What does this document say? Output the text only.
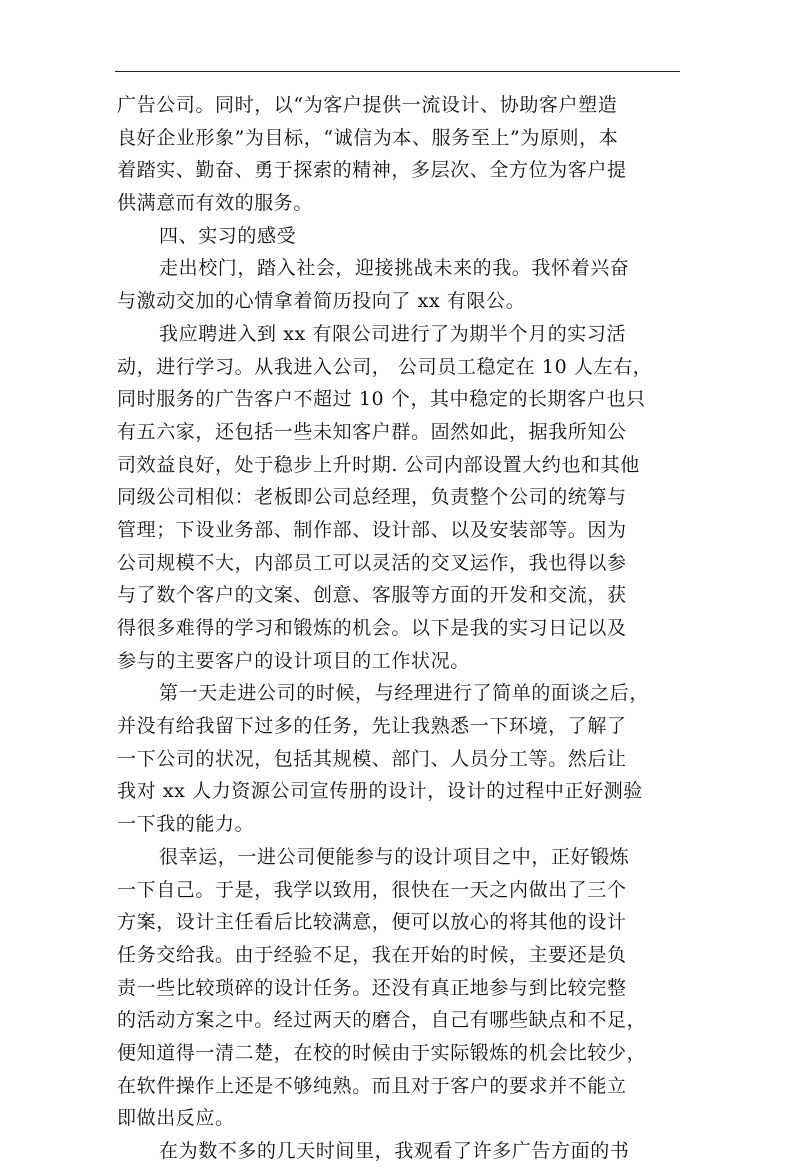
广告公司。同时，以“为客户提供一流设计、协助客户塑造
良好企业形象”为目标，“诚信为本、服务至上”为原则，本
着踏实、勤奋、勇于探索的精神，多层次、全方位为客户提
供满意而有效的服务。
四、实习的感受
走出校门，踏入社会，迎接挑战未来的我。我怀着兴奋
与激动交加的心情拿着简历投向了 xx 有限公。
我应聘进入到 xx 有限公司进行了为期半个月的实习活
动，进行学习。从我进入公司， 公司员工稳定在 10 人左右，
同时服务的广告客户不超过 10 个，其中稳定的长期客户也只
有五六家，还包括一些未知客户群。固然如此，据我所知公
司效益良好，处于稳步上升时期. 公司内部设置大约也和其他
同级公司相似：老板即公司总经理，负责整个公司的统筹与
管理；下设业务部、制作部、设计部、以及安装部等。因为
公司规模不大，内部员工可以灵活的交叉运作，我也得以参
与了数个客户的文案、创意、客服等方面的开发和交流，获
得很多难得的学习和锻炼的机会。以下是我的实习日记以及
参与的主要客户的设计项目的工作状况。
第一天走进公司的时候，与经理进行了简单的面谈之后，
并没有给我留下过多的任务，先让我熟悉一下环境，了解了
一下公司的状况，包括其规模、部门、人员分工等。然后让
我对 xx 人力资源公司宣传册的设计，设计的过程中正好测验
一下我的能力。
很幸运，一进公司便能参与的设计项目之中，正好锻炼
一下自己。于是，我学以致用，很快在一天之内做出了三个
方案，设计主任看后比较满意，便可以放心的将其他的设计
任务交给我。由于经验不足，我在开始的时候，主要还是负
责一些比较琐碎的设计任务。还没有真正地参与到比较完整
的活动方案之中。经过两天的磨合，自己有哪些缺点和不足，
便知道得一清二楚，在校的时候由于实际锻炼的机会比较少，
在软件操作上还是不够纯熟。而且对于客户的要求并不能立
即做出反应。
在为数不多的几天时间里，我观看了许多广告方面的书
